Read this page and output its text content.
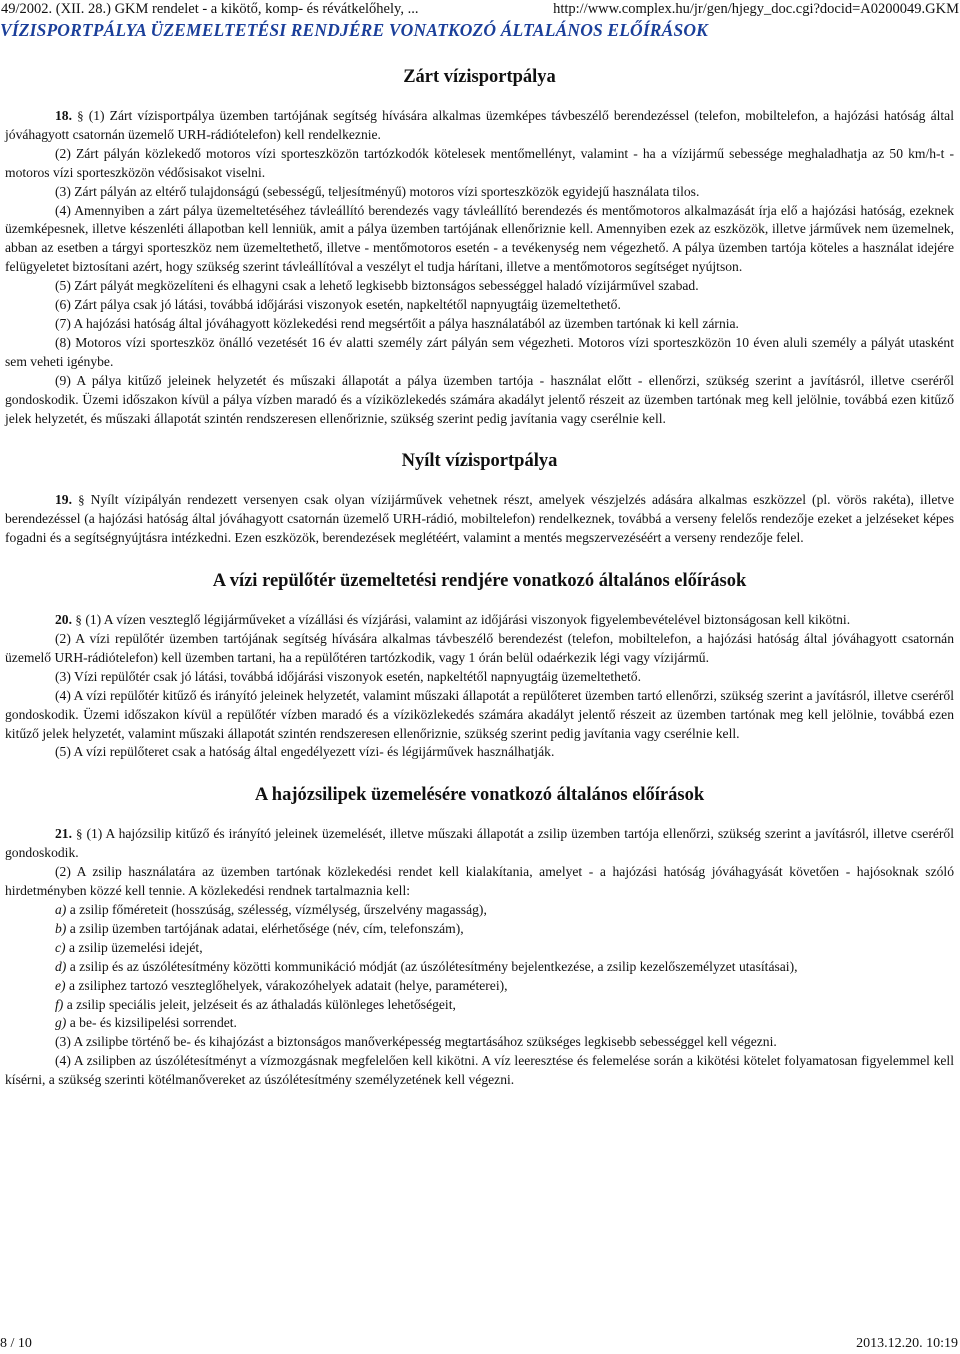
49/2002. (XII. 28.) GKM rendelet - a kikötő, komp- és révátkelőhely, ...	http://www.complex.hu/jr/gen/hjegy_doc.cgi?docid=A0200049.GKM
VÍZISPORTPÁLYA ÜZEMELTETÉSI RENDJÉRE VONATKOZÓ ÁLTALÁNOS ELŐÍRÁSOK
Zárt vízisportpálya

18. § (1) Zárt vízisportpálya üzemben tartójának segítség hívására alkalmas üzemképes távbeszélő berendezéssel (telefon, mobiltelefon, a hajózási hatóság által jóváhagyott csatornán üzemelő URH-rádiótelefon) kell rendelkeznie.

(2) Zárt pályán közlekedő motoros vízi sporteszközön tartózkodók kötelesek mentőmellényt, valamint - ha a vízijármű sebessége meghaladhatja az 50 km/h-t - motoros vízi sporteszközön védősisakot viselni.

(3) Zárt pályán az eltérő tulajdonságú (sebességű, teljesítményű) motoros vízi sporteszközök egyidejű használata tilos.

(4) Amennyiben a zárt pálya üzemeltetéséhez távleállító berendezés vagy távleállító berendezés és mentőmotoros alkalmazását írja elő a hajózási hatóság, ezeknek üzemképesnek, illetve készenléti állapotban kell lenniük, amit a pálya üzemben tartójának ellenőriznie kell. Amennyiben ezek az eszközök, illetve járművek nem üzemelnek, abban az esetben a tárgyi sporteszköz nem üzemeltethető, illetve - mentőmotoros esetén - a tevékenység nem végezhető. A pálya üzemben tartója köteles a használat idejére felügyeletet biztosítani azért, hogy szükség szerint távleállítóval a veszélyt el tudja hárítani, illetve a mentőmotoros segítséget nyújtson.

(5) Zárt pályát megközelíteni és elhagyni csak a lehető legkisebb biztonságos sebességgel haladó vízijárművel szabad.

(6) Zárt pálya csak jó látási, továbbá időjárási viszonyok esetén, napkeltétől napnyugtáig üzemeltethető.

(7) A hajózási hatóság által jóváhagyott közlekedési rend megsértőit a pálya használatából az üzemben tartónak ki kell zárnia.

(8) Motoros vízi sporteszköz önálló vezetését 16 év alatti személy zárt pályán sem végezheti. Motoros vízi sporteszközön 10 éven aluli személy a pályát utasként sem veheti igénybe.

(9) A pálya kitűző jeleinek helyzetét és műszaki állapotát a pálya üzemben tartója - használat előtt - ellenőrzi, szükség szerint a javításról, illetve cseréről gondoskodik. Üzemi időszakon kívül a pálya vízben maradó és a víziközlekedés számára akadályt jelentő részeit az üzemben tartónak meg kell jelölnie, továbbá ezen kitűző jelek helyzetét, és műszaki állapotát szintén rendszeresen ellenőriznie, szükség szerint pedig javítania vagy cserélnie kell.

Nyílt vízisportpálya

19. § Nyílt vízipályán rendezett versenyen csak olyan vízijárművek vehetnek részt, amelyek vészjelzés adására alkalmas eszközzel (pl. vörös rakéta), illetve berendezéssel (a hajózási hatóság által jóváhagyott csatornán üzemelő URH-rádió, mobiltelefon) rendelkeznek, továbbá a verseny felelős rendezője ezeket a jelzéseket képes fogadni és a segítségnyújtásra intézkedni. Ezen eszközök, berendezések meglétéért, valamint a mentés megszervezéséért a verseny rendezője felel.

A vízi repülőtér üzemeltetési rendjére vonatkozó általános előírások

20. § (1) A vízen veszteglő légijárműveket a vízállási és vízjárási, valamint az időjárási viszonyok figyelembevételével biztonságosan kell kikötni.

(2) A vízi repülőtér üzemben tartójának segítség hívására alkalmas távbeszélő berendezést (telefon, mobiltelefon, a hajózási hatóság által jóváhagyott csatornán üzemelő URH-rádiótelefon) kell üzemben tartani, ha a repülőtéren tartózkodik, vagy 1 órán belül odaérkezik légi vagy vízijármű.

(3) Vízi repülőtér csak jó látási, továbbá időjárási viszonyok esetén, napkeltétől napnyugtáig üzemeltethető.

(4) A vízi repülőtér kitűző és irányító jeleinek helyzetét, valamint műszaki állapotát a repülőteret üzemben tartó ellenőrzi, szükség szerint a javításról, illetve cseréről gondoskodik. Üzemi időszakon kívül a repülőtér vízben maradó és a víziközlekedés számára akadályt jelentő részeit az üzemben tartónak meg kell jelölnie, továbbá ezen kitűző jelek helyzetét, valamint műszaki állapotát szintén rendszeresen ellenőriznie, szükség szerint pedig javítania vagy cserélnie kell.

(5) A vízi repülőteret csak a hatóság által engedélyezett vízi- és légijárművek használhatják.

A hajózsilipek üzemelésére vonatkozó általános előírások

21. § (1) A hajózsilip kitűző és irányító jeleinek üzemelését, illetve műszaki állapotát a zsilip üzemben tartója ellenőrzi, szükség szerint a javításról, illetve cseréről gondoskodik.

(2) A zsilip használatára az üzemben tartónak közlekedési rendet kell kialakítania, amelyet - a hajózási hatóság jóváhagyását követően - hajósoknak szóló hirdetményben közzé kell tennie. A közlekedési rendnek tartalmaznia kell:

a) a zsilip főméreteit (hosszúság, szélesség, vízmélység, űrszelvény magasság),

b) a zsilip üzemben tartójának adatai, elérhetősége (név, cím, telefonszám),

c) a zsilip üzemelési idejét,

d) a zsilip és az úszólétesítmény közötti kommunikáció módját (az úszólétesítmény bejelentkezése, a zsilip kezelőszemélyzet utasításai),

e) a zsiliphez tartozó veszteglőhelyek, várakozóhelyek adatait (helye, paraméterei),

f) a zsilip speciális jeleit, jelzéseit és az áthaladás különleges lehetőségeit,

g) a be- és kizsilipelési sorrendet.

(3) A zsilipbe történő be- és kihajózást a biztonságos manőverképesség megtartásához szükséges legkisebb sebességgel kell végezni.

(4) A zsilipben az úszólétesítményt a vízmozgásnak megfelelően kell kikötni. A víz leeresztése és felemelése során a kikötési kötelet folyamatosan figyelemmel kell kísérni, a szükség szerinti kötélmanővereket az úszólétesítmény személyzetének kell végezni.

8 / 10	2013.12.20. 10:19
